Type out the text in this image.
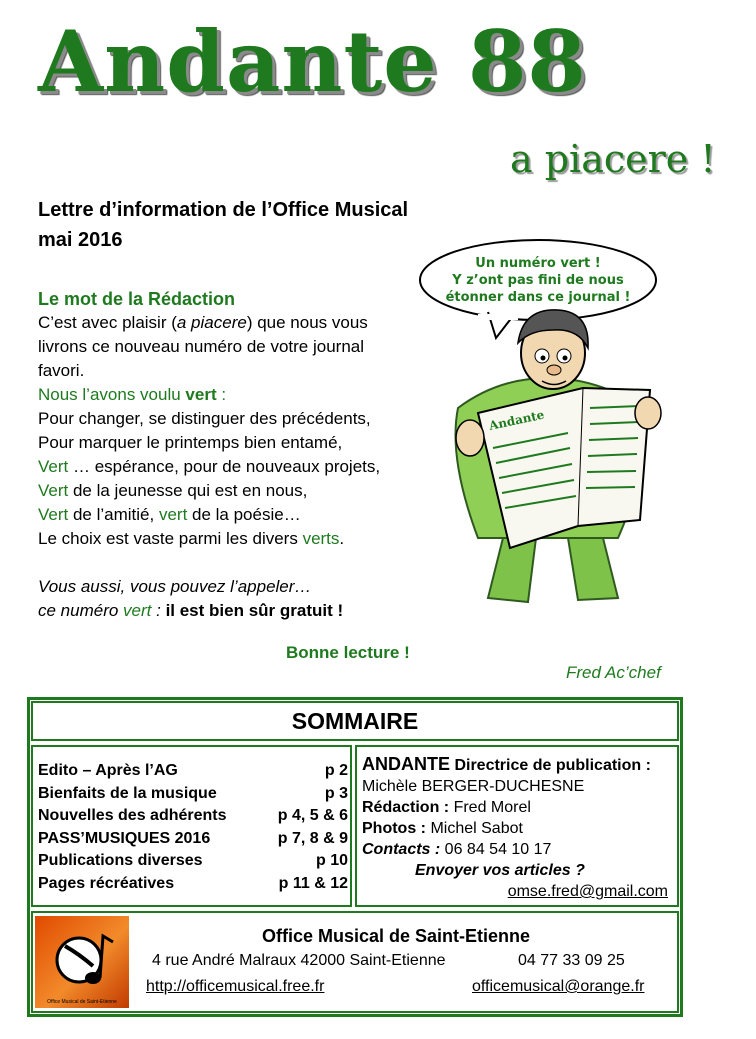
Andante 88
a piacere !
Lettre d’information de l’Office Musical
mai 2016
Un numéro vert !
Y z’ont pas fini de nous
étonner dans ce journal !
Andante

Le mot de la Rédaction

C’est avec plaisir (a piacere) que nous vous

livrons ce nouveau numéro de votre journal

favori.

Nous l’avons voulu vert :

Pour changer, se distinguer des précédents,

Pour marquer le printemps bien entamé,

Vert … espérance, pour de nouveaux projets,

Vert de la jeunesse qui est en nous,

Vert de l’amitié, vert de la poésie…

Le choix est vaste parmi les divers verts.

Vous aussi, vous pouvez l’appeler…

ce numéro vert : il est bien sûr gratuit !

Bonne lecture !
Fred Ac’chef
SOMMAIRE
Edito – Après l’AG	p 2
Bienfaits de la musique	p 3
Nouvelles des adhérents	p 4, 5 & 6
PASS’MUSIQUES 2016	p 7, 8 & 9
Publications diverses	p 10
Pages récréatives	p 11 & 12
ANDANTE Directrice de publication :
Michèle BERGER-DUCHESNE
Rédaction : Fred Morel
Photos : Michel Sabot
Contacts : 06 84 54 10 17
Envoyer vos articles ?
omse.fred@gmail.com
Office Musical de Saint-Etienne
Office Musical de Saint-Etienne
4 rue André Malraux 42000 Saint-Etienne	04 77 33 09 25
http://officemusical.free.fr	officemusical@orange.fr
